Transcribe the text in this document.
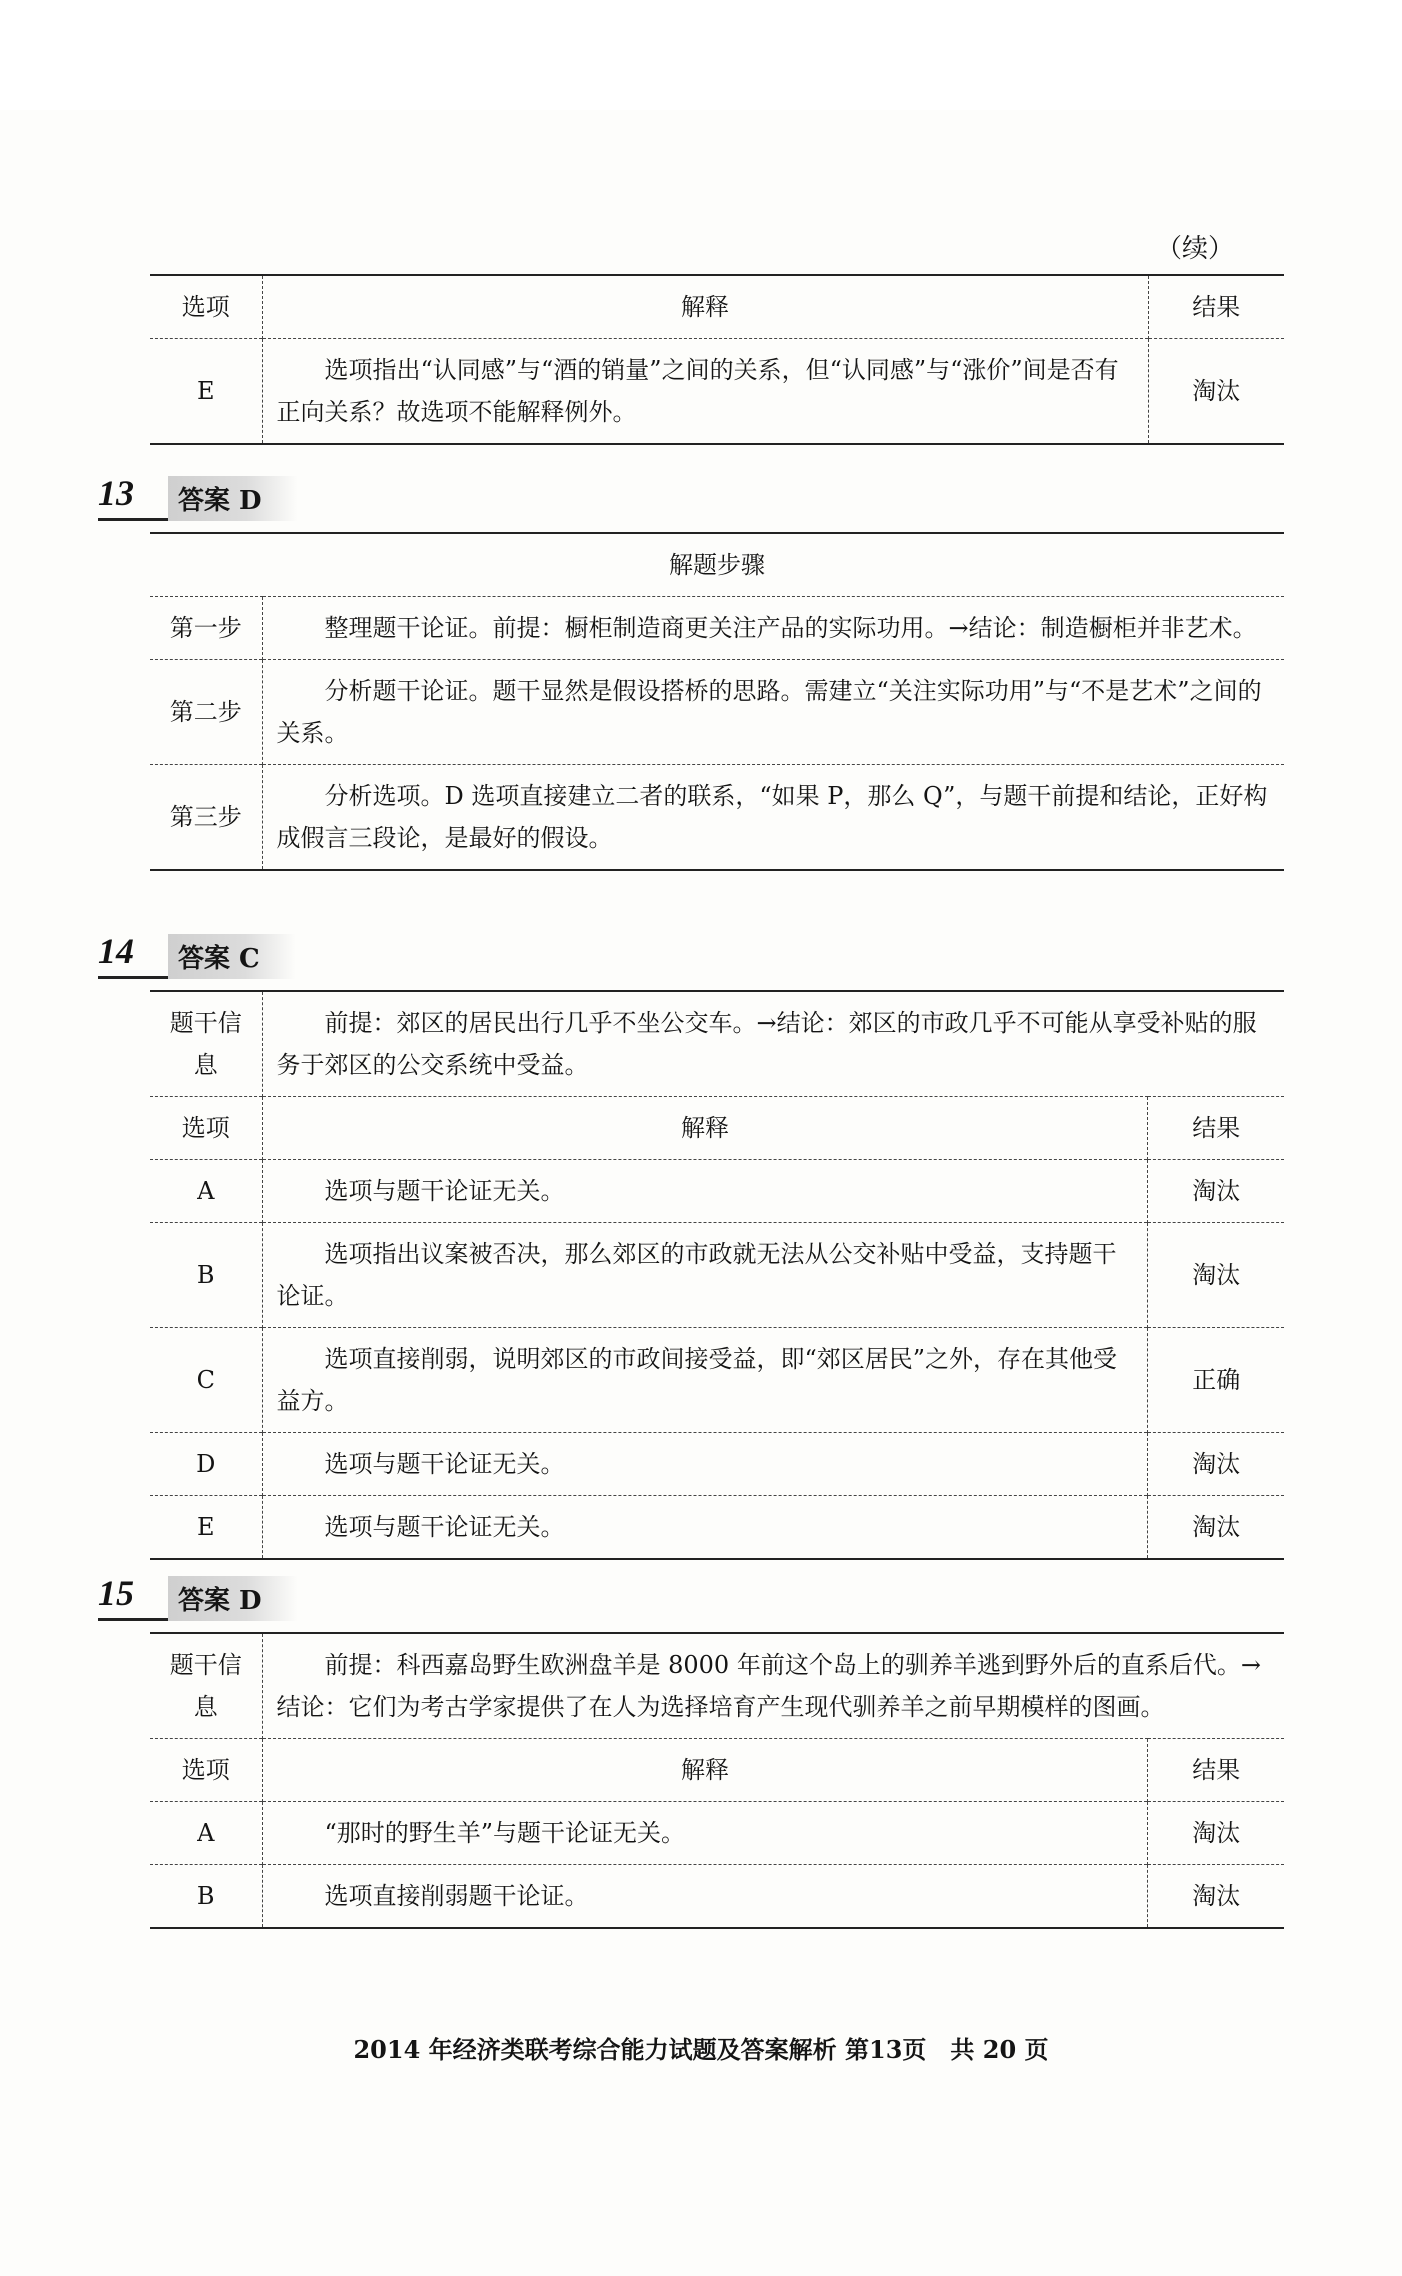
（续）
选项	解释	结果
E	选项指出“认同感”与“酒的销量”之间的关系，但“认同感”与“涨价”间是否有正向关系？故选项不能解释例外。	淘汰
13	答案 D
解题步骤	
第一步	整理题干论证。前提：橱柜制造商更关注产品的实际功用。→结论：制造橱柜并非艺术。
第二步	分析题干论证。题干显然是假设搭桥的思路。需建立“关注实际功用”与“不是艺术”之间的关系。
第三步	分析选项。D 选项直接建立二者的联系，“如果 P，那么 Q”，与题干前提和结论，正好构成假言三段论，是最好的假设。
14	答案 C
题干信息	前提：郊区的居民出行几乎不坐公交车。→结论：郊区的市政几乎不可能从享受补贴的服务于郊区的公交系统中受益。	
选项	解释	结果
A	选项与题干论证无关。	淘汰
B	选项指出议案被否决，那么郊区的市政就无法从公交补贴中受益，支持题干论证。	淘汰
C	选项直接削弱，说明郊区的市政间接受益，即“郊区居民”之外，存在其他受益方。	正确
D	选项与题干论证无关。	淘汰
E	选项与题干论证无关。	淘汰
15	答案 D
题干信息	前提：科西嘉岛野生欧洲盘羊是 8000 年前这个岛上的驯养羊逃到野外后的直系后代。→结论：它们为考古学家提供了在人为选择培育产生现代驯养羊之前早期模样的图画。	
选项	解释	结果
A	“那时的野生羊”与题干论证无关。	淘汰
B	选项直接削弱题干论证。	淘汰
2014 年经济类联考综合能力试题及答案解析 第13页　共 20 页
